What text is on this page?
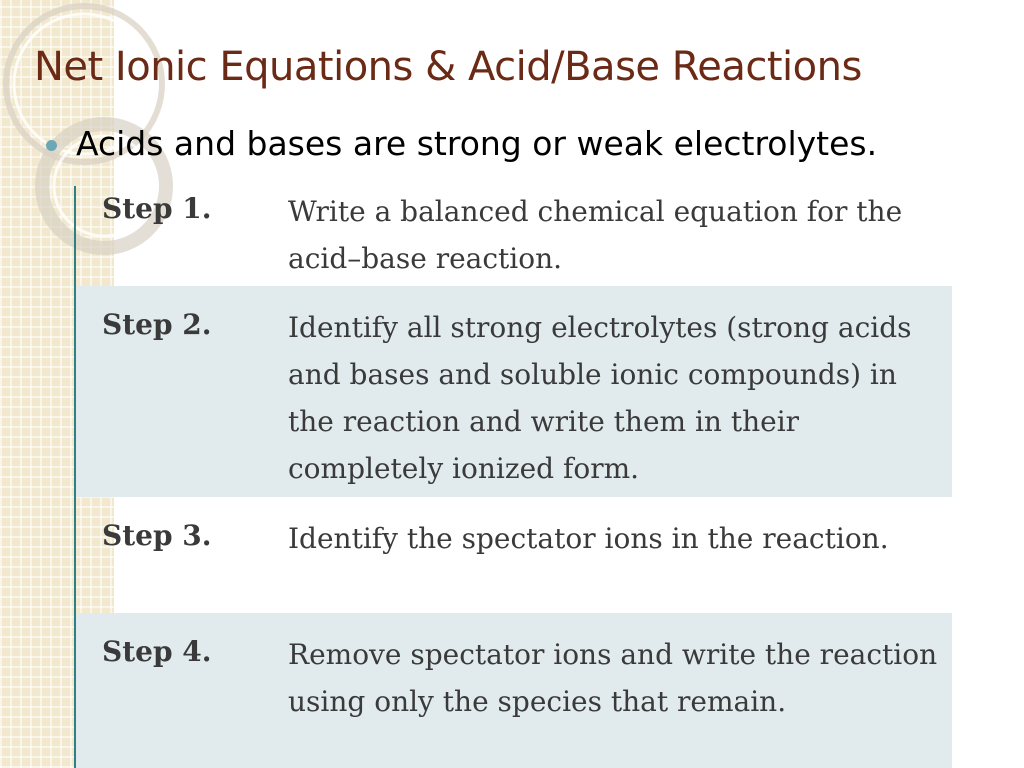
Net Ionic Equations & Acid/Base Reactions
Acids and bases are strong or weak electrolytes.
Step 1.	Write a balanced chemical equation for the acid–base reaction.
Step 2.	Identify all strong electrolytes (strong acids and bases and soluble ionic compounds) in the reaction and write them in their completely ionized form.
Step 3.	Identify the spectator ions in the reaction.
Step 4.	Remove spectator ions and write the reaction using only the species that remain.
